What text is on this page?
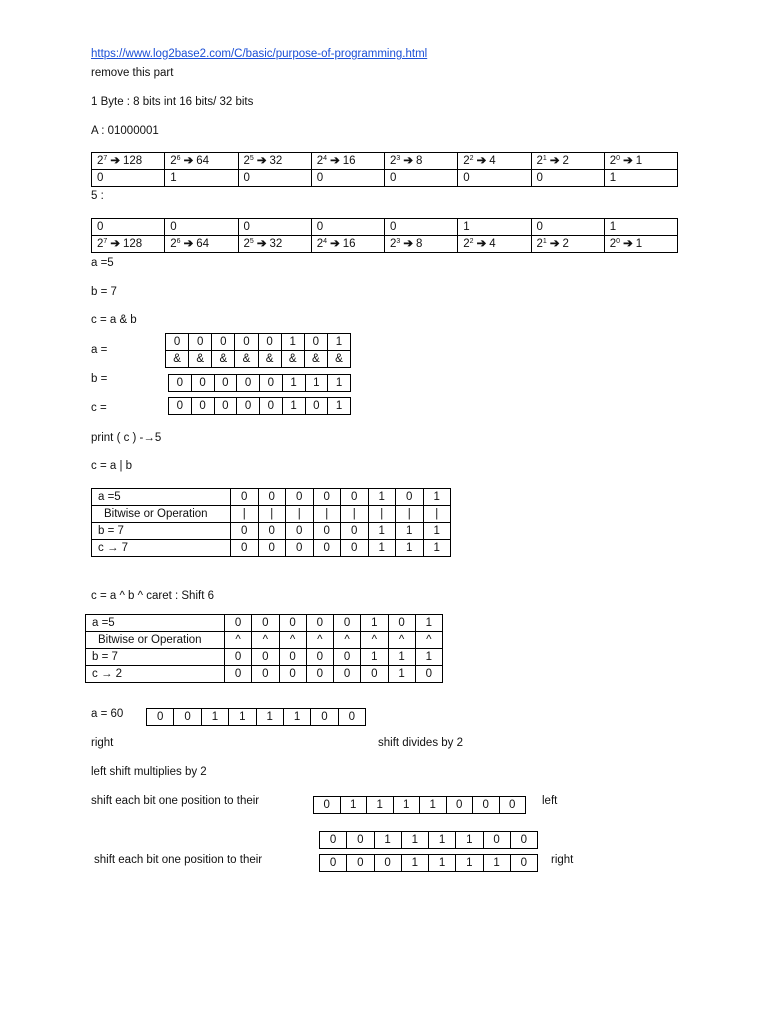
https://www.log2base2.com/C/basic/purpose-of-programming.html
remove this part
1 Byte : 8 bits int 16 bits/ 32 bits
A : 01000001
$2^7$ ➔ 128	$2^6$ ➔ 64	$2^5$ ➔ 32	$2^4$ ➔ 16	$2^3$ ➔ 8	$2^2$ ➔ 4	$2^1$ ➔ 2	$2^0$ ➔ 1
0	1	0	0	0	0	0	1
5 :
0	0	0	0	0	1	0	1
$2^7$ ➔ 128	$2^6$ ➔ 64	$2^5$ ➔ 32	$2^4$ ➔ 16	$2^3$ ➔ 8	$2^2$ ➔ 4	$2^1$ ➔ 2	$2^0$ ➔ 1
a =5
b = 7
c = a & b
a =
0	0	0	0	0	1	0	1
&	&	&	&	&	&	&	&
b =	0	0	0	0	0	1	1	1
c =	0	0	0	0	0	1	0	1
print ( c ) -→5
c = a | b
a =5	0	0	0	0	0	1	0	1
Bitwise or Operation	|	|	|	|	|	|	|	|
b = 7	0	0	0	0	0	1	1	1
c → 7	0	0	0	0	0	1	1	1
c = a ^ b ^ caret : Shift 6
a =5	0	0	0	0	0	1	0	1
Bitwise or Operation	^	^	^	^	^	^	^	^
b = 7	0	0	0	0	0	1	1	1
c → 2	0	0	0	0	0	0	1	0
a = 60	0	0	1	1	1	1	0	0
right	shift divides by 2
left shift multiplies by 2
shift each bit one position to their	0	1	1	1	1	0	0	0 left
0	0	1	1	1	1	0	0
shift each bit one position to their	0	0	0	1	1	1	1	0 right
